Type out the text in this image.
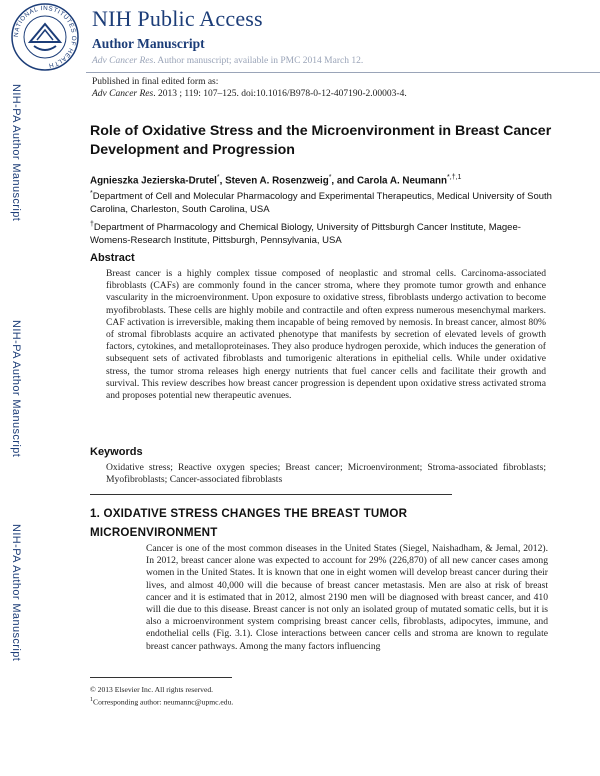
NATIONAL INSTITUTES OF HEALTH
NIH Public Access
Author Manuscript
Adv Cancer Res. Author manuscript; available in PMC 2014 March 12.
NIH-PA Author Manuscript
NIH-PA Author Manuscript
NIH-PA Author Manuscript
Published in final edited form as:
Adv Cancer Res. 2013 ; 119: 107–125. doi:10.1016/B978-0-12-407190-2.00003-4.
Role of Oxidative Stress and the Microenvironment in Breast Cancer Development and Progression
Agnieszka Jezierska-Drutel*, Steven A. Rosenzweig*, and Carola A. Neumann$^{*,\dagger,1}$
*Department of Cell and Molecular Pharmacology and Experimental Therapeutics, Medical University of South Carolina, Charleston, South Carolina, USA
†Department of Pharmacology and Chemical Biology, University of Pittsburgh Cancer Institute, Magee-Womens-Research Institute, Pittsburgh, Pennsylvania, USA
Abstract
Breast cancer is a highly complex tissue composed of neoplastic and stromal cells. Carcinoma-associated fibroblasts (CAFs) are commonly found in the cancer stroma, where they promote tumor growth and enhance vascularity in the microenvironment. Upon exposure to oxidative stress, fibroblasts undergo activation to become myofibroblasts. These cells are highly mobile and contractile and often express numerous mesenchymal markers. CAF activation is irreversible, making them incapable of being removed by nemosis. In breast cancer, almost 80% of stromal fibroblasts acquire an activated phenotype that manifests by secretion of elevated levels of growth factors, cytokines, and metalloproteinases. They also produce hydrogen peroxide, which induces the generation of subsequent sets of activated fibroblasts and tumorigenic alterations in epithelial cells. While under oxidative stress, the tumor stroma releases high energy nutrients that fuel cancer cells and facilitate their growth and survival. This review describes how breast cancer progression is dependent upon oxidative stress activated stroma and proposes potential new therapeutic avenues.
Keywords
Oxidative stress; Reactive oxygen species; Breast cancer; Microenvironment; Stroma-associated fibroblasts; Myofibroblasts; Cancer-associated fibroblasts
1. OXIDATIVE STRESS CHANGES THE BREAST TUMOR MICROENVIRONMENT
Cancer is one of the most common diseases in the United States (Siegel, Naishadham, & Jemal, 2012). In 2012, breast cancer alone was expected to account for 29% (226,870) of all new cancer cases among women in the United States. It is known that one in eight women will develop breast cancer during their lives, and almost 40,000 will die because of breast cancer metastasis. Men are also at risk of breast cancer and it is estimated that in 2012, almost 2190 men will be diagnosed with breast cancer, and 410 will die due to this disease. Breast cancer is not only an isolated group of mutated somatic cells, but it is also a microenvironment system comprising breast cancer cells, fibroblasts, adipocytes, immune, and endothelial cells (Fig. 3.1). Close interactions between cancer cells and stroma are known to regulate breast cancer pathways. Among the many factors influencing
© 2013 Elsevier Inc. All rights reserved.
$^1$Corresponding author: neumannc@upmc.edu.
